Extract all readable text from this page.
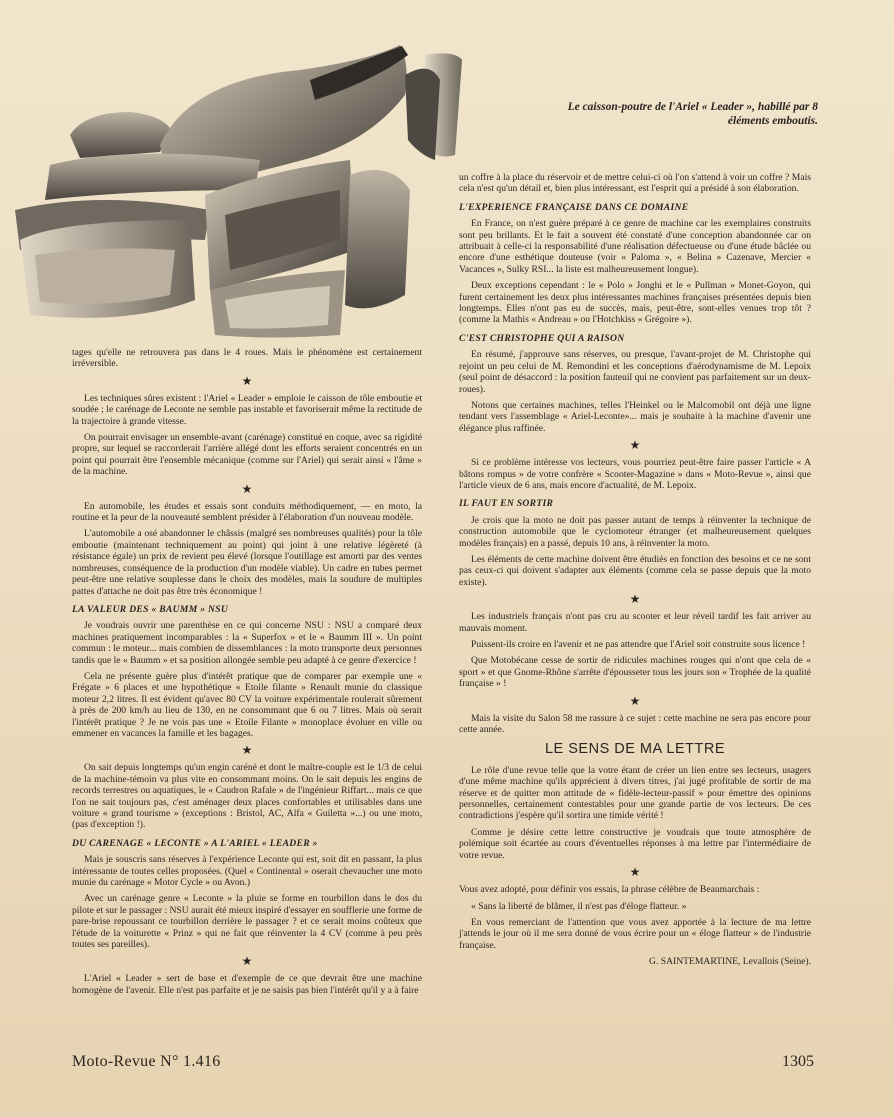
Le caisson-poutre de l'Ariel « Leader », habillé par 8 éléments emboutis.

tages qu'elle ne retrouvera pas dans le 4 roues. Mais le phénomène est certainement irréversible.

★

Les techniques sûres existent : l'Ariel « Leader » emploie le caisson de tôle emboutie et soudée ; le carénage de Leconte ne semble pas instable et favoriserait même la rectitude de la trajectoire à grande vitesse.

On pourrait envisager un ensemble-avant (carénage) constitué en coque, avec sa rigidité propre, sur lequel se raccorderait l'arrière allégé dont les efforts seraient concentrés en un point qui pourrait être l'ensemble mécanique (comme sur l'Ariel) qui serait ainsi « l'âme » de la machine.

★

En automobile, les études et essais sont conduits méthodiquement, — en moto, la routine et la peur de la nouveauté semblent présider à l'élaboration d'un nouveau modèle.

L'automobile a osé abandonner le châssis (malgré ses nombreuses qualités) pour la tôle emboutie (maintenant techniquement au point) qui joint à une relative légèreté (à résistance égale) un prix de revient peu élevé (lorsque l'outillage est amorti par des ventes nombreuses, conséquence de la production d'un modèle viable). Un cadre en tubes permet peut-être une relative souplesse dans le choix des modèles, mais la soudure de multiples pattes d'attache ne doit pas être très économique !

LA VALEUR DES « BAUMM » NSU

Je voudrais ouvrir une parenthèse en ce qui concerne NSU : NSU a comparé deux machines pratiquement incomparables : la « Superfox » et le « Baumm III ». Un point commun : le moteur... mais combien de dissemblances : la moto transporte deux personnes tandis que le « Baumm » et sa position allongée semble peu adapté à ce genre d'exercice !

Cela ne présente guère plus d'intérêt pratique que de comparer par exemple une « Frégate » 6 places et une hypothétique « Etoile filante » Renault munie du classique moteur 2,2 litres. Il est évident qu'avec 80 CV la voiture expérimentale roulerait sûrement à près de 200 km/h au lieu de 130, en ne consommant que 6 ou 7 litres. Mais où serait l'intérêt pratique ? Je ne vois pas une « Etoile Filante » monoplace évoluer en ville ou emmener en vacances la famille et les bagages.

★

On sait depuis longtemps qu'un engin caréné et dont le maître-couple est le 1/3 de celui de la machine-témoin va plus vite en consommant moins. On le sait depuis les engins de records terrestres ou aquatiques, le « Caudron Rafale » de l'ingénieur Riffart... mais ce que l'on ne sait toujours pas, c'est aménager deux places confortables et utilisables dans une voiture « grand tourisme » (exceptions : Bristol, AC, Alfa « Guiletta »...) ou une moto, (pas d'exception !).

DU CARENAGE « LECONTE » A L'ARIEL « LEADER »

Mais je souscris sans réserves à l'expérience Leconte qui est, soit dit en passant, la plus intéressante de toutes celles proposées. (Quel « Continental » oserait chevaucher une moto munie du carénage « Motor Cycle » ou Avon.)

Avec un carénage genre « Leconte » la pluie se forme en tourbillon dans le dos du pilote et sur le passager : NSU aurait été mieux inspiré d'essayer en soufflerie une forme de pare-brise repoussant ce tourbillon derrière le passager ? et ce serait moins coûteux que l'étude de la voiturette « Prinz » qui ne fait que réinventer la 4 CV (comme à peu près toutes ses pareilles).

★

L'Ariel « Leader » sert de base et d'exemple de ce que devrait être une machine homogène de l'avenir. Elle n'est pas parfaite et je ne saisis pas bien l'intérêt qu'il y a à faire

un coffre à la place du réservoir et de mettre celui-ci où l'on s'attend à voir un coffre ? Mais cela n'est qu'un détail et, bien plus intéressant, est l'esprit qui a présidé à son élaboration.

L'EXPERIENCE FRANÇAISE DANS CE DOMAINE

En France, on n'est guère préparé à ce genre de machine car les exemplaires construits sont peu brillants. Et le fait a souvent été constaté d'une conception abandonnée car on attribuait à celle-ci la responsabilité d'une réalisation défectueuse ou d'une étude bâclée ou encore d'une esthétique douteuse (voir « Paloma », « Belina » Cazenave, Mercier « Vacances », Sulky RSI... la liste est malheureusement longue).

Deux exceptions cependant : le « Polo » Jonghi et le « Pullman » Monet-Goyon, qui furent certainement les deux plus intéressantes machines françaises présentées depuis bien longtemps. Elles n'ont pas eu de succès, mais, peut-être, sont-elles venues trop tôt ? (comme la Mathis « Andreau » ou l'Hotchkiss « Grégoire »).

C'EST CHRISTOPHE QUI A RAISON

En résumé, j'approuve sans réserves, ou presque, l'avant-projet de M. Christophe qui rejoint un peu celui de M. Remondini et les conceptions d'aérodynamisme de M. Lepoix (seul point de désaccord : la position fauteuil qui ne convient pas parfaitement sur un deux-roues).

Notons que certaines machines, telles l'Heinkel ou le Malcomobil ont déjà une ligne tendant vers l'assemblage « Ariel-Leconte»... mais je souhaite à la machine d'avenir une élégance plus raffinée.

★

Si ce problème intéresse vos lecteurs, vous pourriez peut-être faire passer l'article « A bâtons rompus » de votre confrère « Scooter-Magazine » dans « Moto-Revue », ainsi que l'article vieux de 6 ans, mais encore d'actualité, de M. Lepoix.

IL FAUT EN SORTIR

Je crois que la moto ne doit pas passer autant de temps à réinventer la technique de construction automobile que le cyclomoteur étranger (et malheureusement quelques modèles français) en a passé, depuis 10 ans, à réinventer la moto.

Les éléments de cette machine doivent être étudiés en fonction des besoins et ce ne sont pas ceux-ci qui doivent s'adapter aux éléments (comme cela se passe depuis que la moto existe).

★

Les industriels français n'ont pas cru au scooter et leur réveil tardif les fait arriver au mauvais moment.

Puissent-ils croire en l'avenir et ne pas attendre que l'Ariel soit construite sous licence !

Que Motobécane cesse de sortir de ridicules machines rouges qui n'ont que cela de « sport » et que Gnome-Rhône s'arrête d'épousseter tous les jours son « Trophée de la qualité française » !

★

Mais la visite du Salon 58 me rassure à ce sujet : cette machine ne sera pas encore pour cette année.

LE SENS DE MA LETTRE

Le rôle d'une revue telle que la votre étant de créer un lien entre ses lecteurs, usagers d'une même machine qu'ils apprécient à divers titres, j'ai jugé profitable de sortir de ma réserve et de quitter mon attitude de « fidèle-lecteur-passif » pour émettre des opinions personnelles, certainement contestables pour une grande partie de vos lecteurs. De ces contradictions j'espère qu'il sortira une timide vérité !

Comme je désire cette lettre constructive je voudrais que toute atmosphère de polémique soit écartée au cours d'éventuelles réponses à ma lettre par l'intermédiaire de votre revue.

★

Vous avez adopté, pour définir vos essais, la phrase célèbre de Beaumarchais :

« Sans la liberté de blâmer, il n'est pas d'éloge flatteur. »

En vous remerciant de l'attention que vous avez apportée à la lecture de ma lettre j'attends le jour où il me sera donné de vous écrire pour un « éloge flatteur » de l'industrie française.

G. SAINTEMARTINE, Levallois (Seine).

Moto-Revue N° 1.416	1305
